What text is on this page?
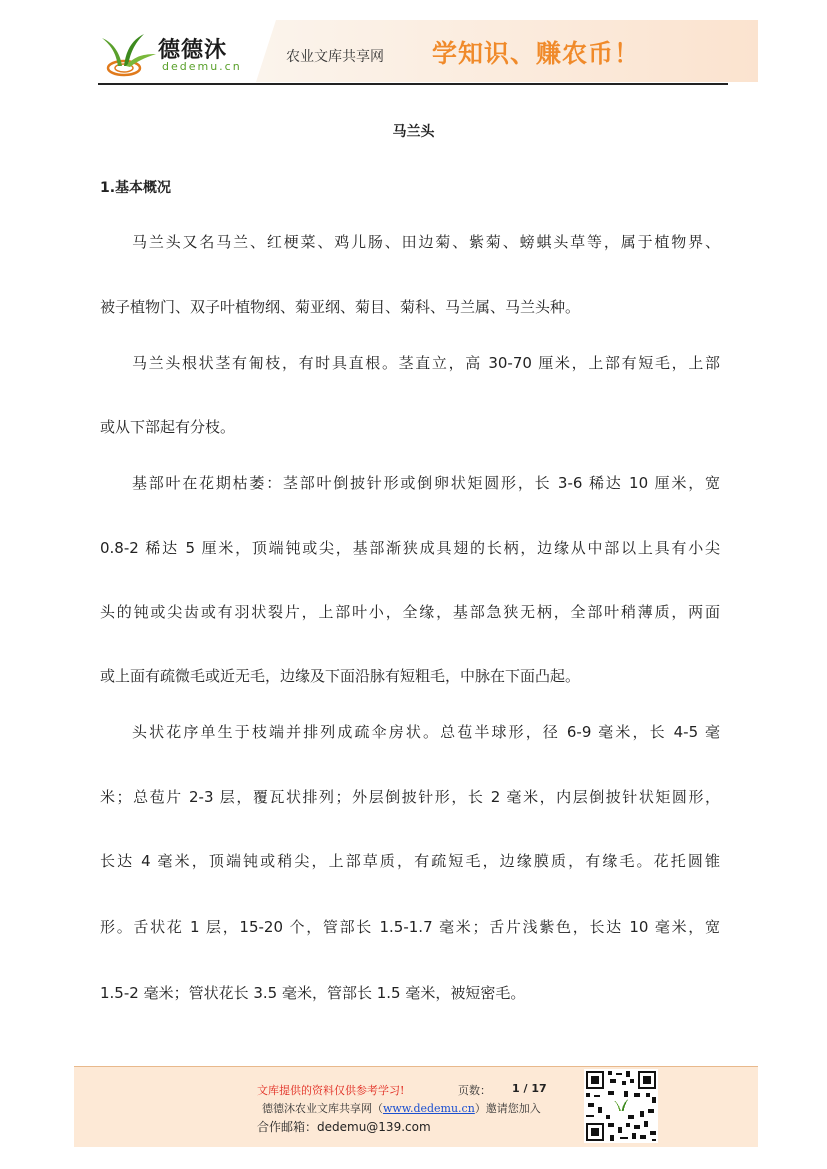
德德沐
dedemu.cn
农业文库共享网 学知识、赚农币！
马兰头
1.基本概况
马兰头又名马兰、红梗菜、鸡儿肠、田边菊、紫菊、螃蜞头草等，属于植物界、
被子植物门、双子叶植物纲、菊亚纲、菊目、菊科、马兰属、马兰头种。
马兰头根状茎有匍枝，有时具直根。茎直立，高 30-70 厘米，上部有短毛，上部
或从下部起有分枝。
基部叶在花期枯萎：茎部叶倒披针形或倒卵状矩圆形，长 3-6 稀达 10 厘米，宽
0.8-2 稀达 5 厘米，顶端钝或尖，基部渐狭成具翅的长柄，边缘从中部以上具有小尖
头的钝或尖齿或有羽状裂片，上部叶小，全缘，基部急狭无柄，全部叶稍薄质，两面
或上面有疏微毛或近无毛，边缘及下面沿脉有短粗毛，中脉在下面凸起。
头状花序单生于枝端并排列成疏伞房状。总苞半球形，径 6-9 毫米，长 4-5 毫
米；总苞片 2-3 层，覆瓦状排列；外层倒披针形，长 2 毫米，内层倒披针状矩圆形，
长达 4 毫米，顶端钝或稍尖，上部草质，有疏短毛，边缘膜质，有缘毛。花托圆锥
形。舌状花 1 层，15-20 个，管部长 1.5-1.7 毫米；舌片浅紫色，长达 10 毫米，宽
1.5-2 毫米；管状花长 3.5 毫米，管部长 1.5 毫米，被短密毛。
文库提供的资料仅供参考学习!	页数： 1 / 17
德德沐农业文库共享网（www.dedemu.cn）邀请您加入
合作邮箱：dedemu@139.com
